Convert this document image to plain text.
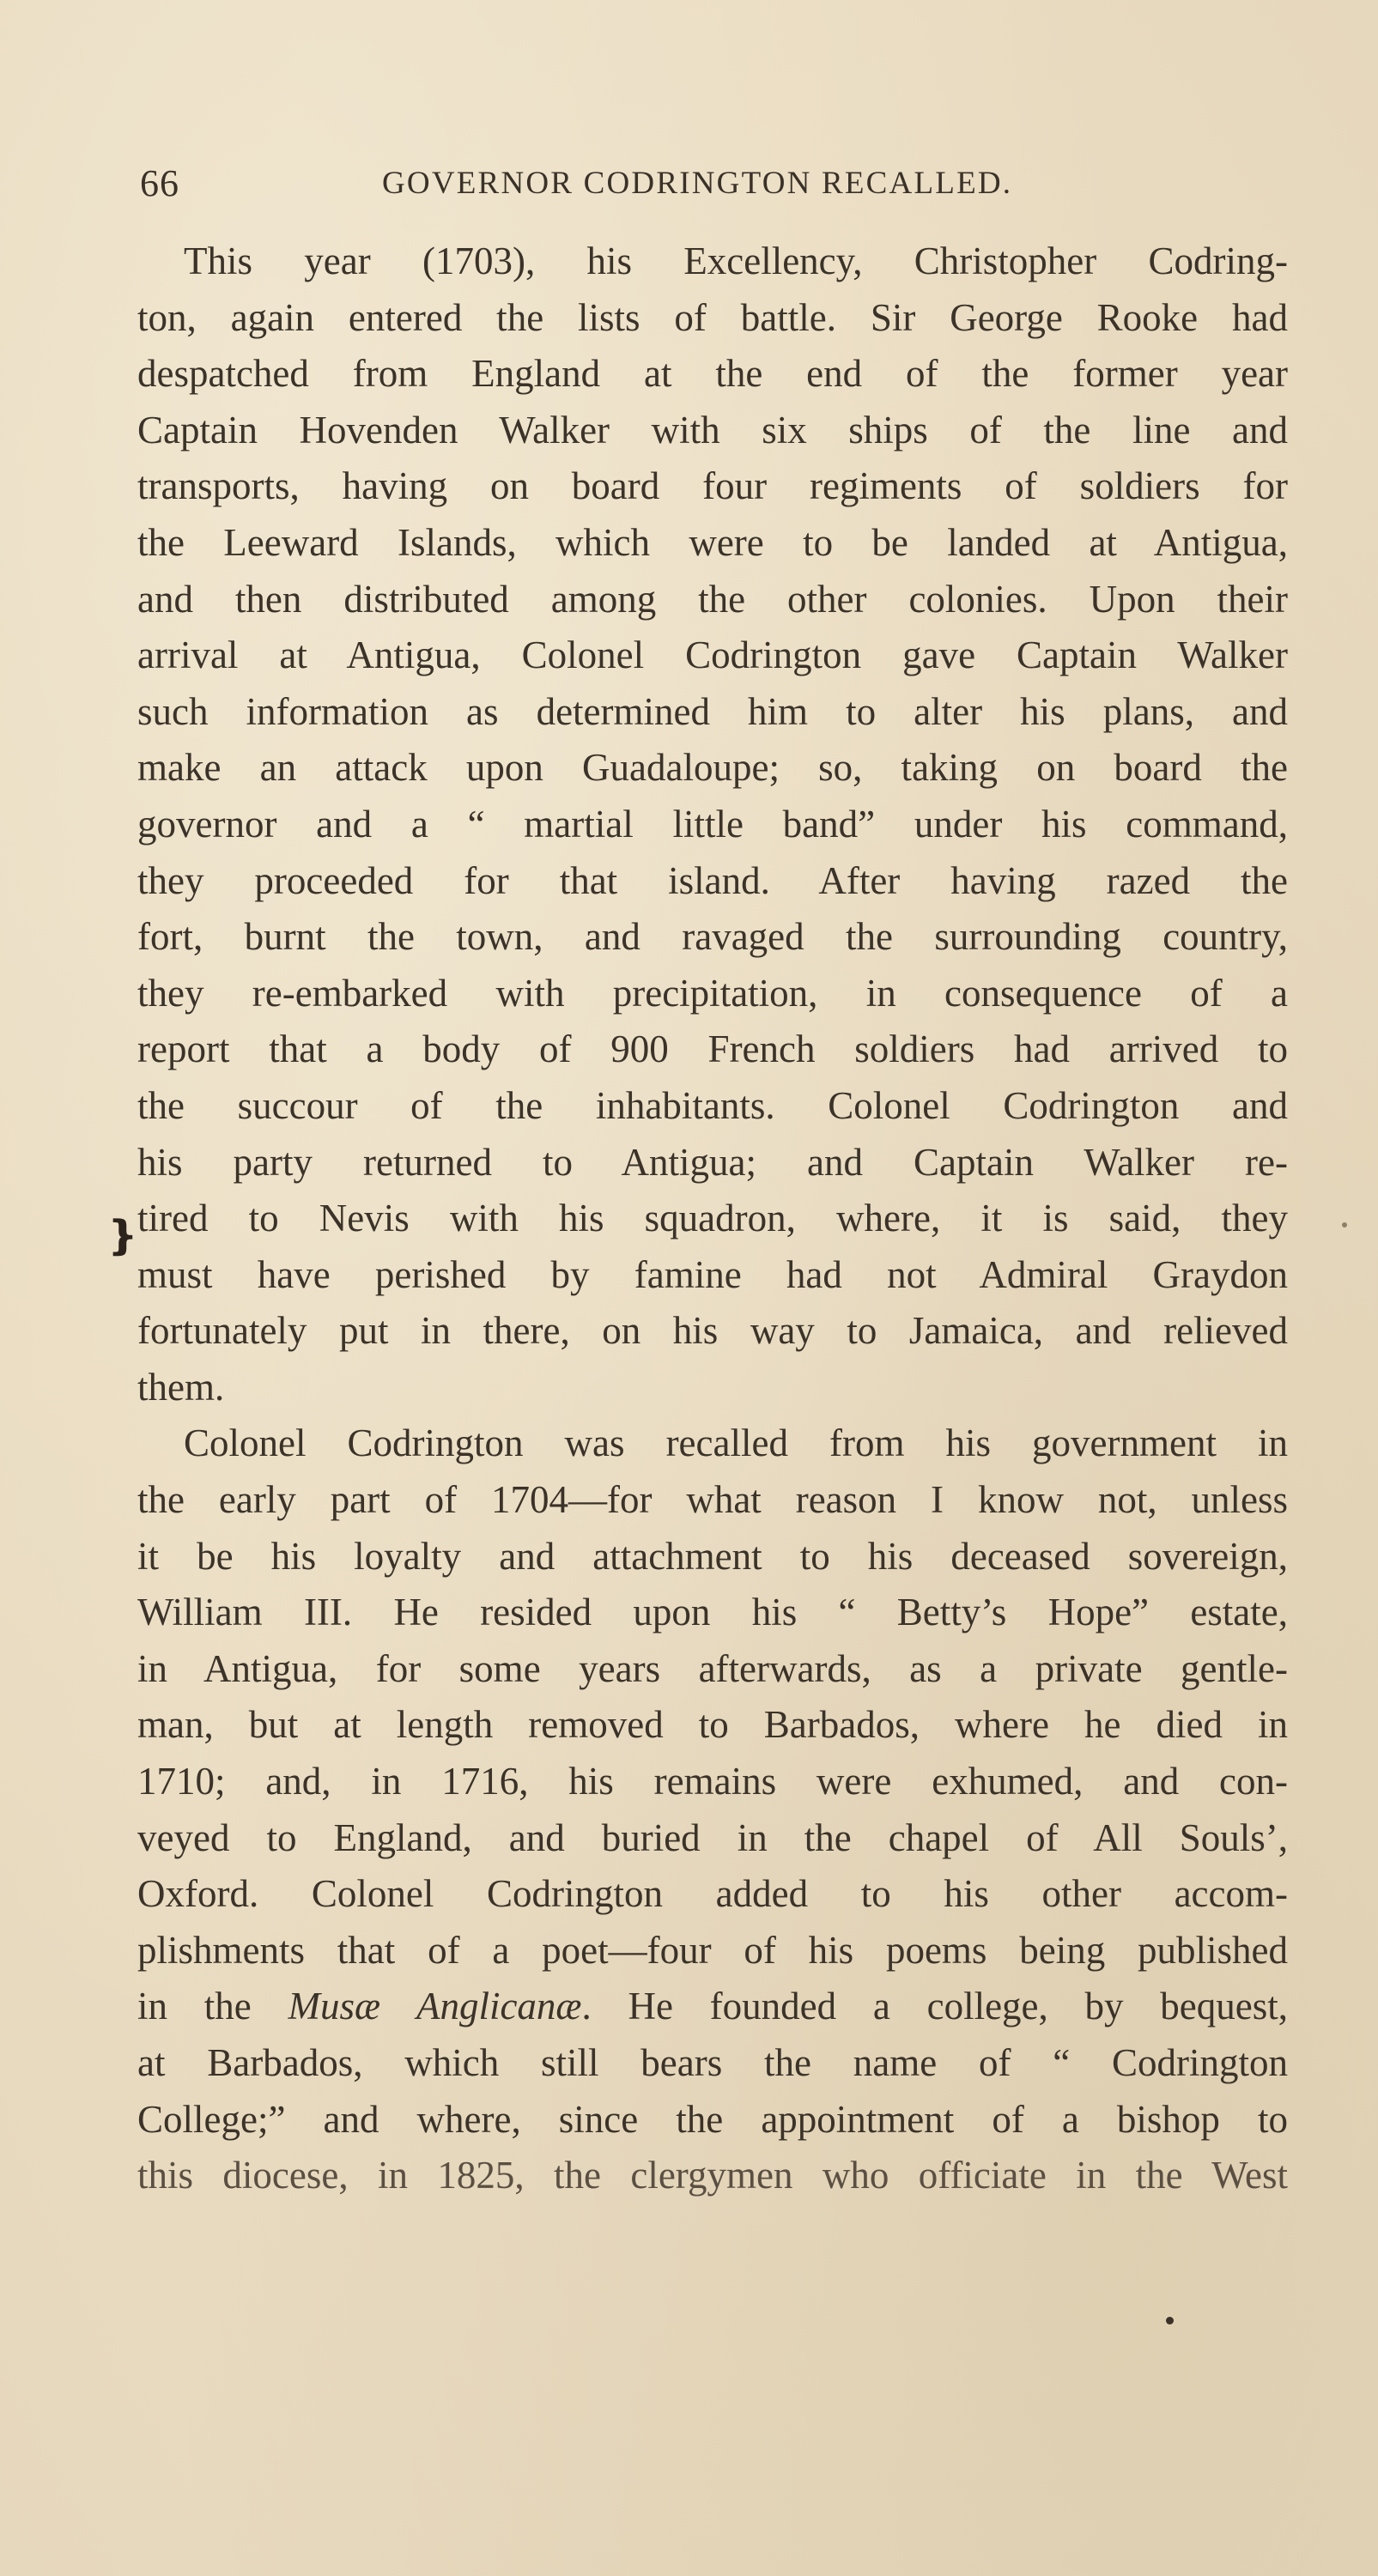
66	GOVERNOR CODRINGTON RECALLED.
This year (1703), his Excellency, Christopher Codring-
ton, again entered the lists of battle. Sir George Rooke had
despatched from England at the end of the former year
Captain Hovenden Walker with six ships of the line and
transports, having on board four regiments of soldiers for
the Leeward Islands, which were to be landed at Antigua,
and then distributed among the other colonies. Upon their
arrival at Antigua, Colonel Codrington gave Captain Walker
such information as determined him to alter his plans, and
make an attack upon Guadaloupe; so, taking on board the
governor and a “ martial little band” under his command,
they proceeded for that island. After having razed the
fort, burnt the town, and ravaged the surrounding country,
they re-embarked with precipitation, in consequence of a
report that a body of 900 French soldiers had arrived to
the succour of the inhabitants. Colonel Codrington and
his party returned to Antigua; and Captain Walker re-
tired to Nevis with his squadron, where, it is said, they
must have perished by famine had not Admiral Graydon
fortunately put in there, on his way to Jamaica, and relieved
them.
Colonel Codrington was recalled from his government in
the early part of 1704—for what reason I know not, unless
it be his loyalty and attachment to his deceased sovereign,
William III. He resided upon his “ Betty’s Hope” estate,
in Antigua, for some years afterwards, as a private gentle-
man, but at length removed to Barbados, where he died in
1710; and, in 1716, his remains were exhumed, and con-
veyed to England, and buried in the chapel of All Souls’,
Oxford. Colonel Codrington added to his other accom-
plishments that of a poet—four of his poems being published
in the Musæ Anglicanæ. He founded a college, by bequest,
at Barbados, which still bears the name of “ Codrington
College;” and where, since the appointment of a bishop to
this diocese, in 1825, the clergymen who officiate in the West
❵
